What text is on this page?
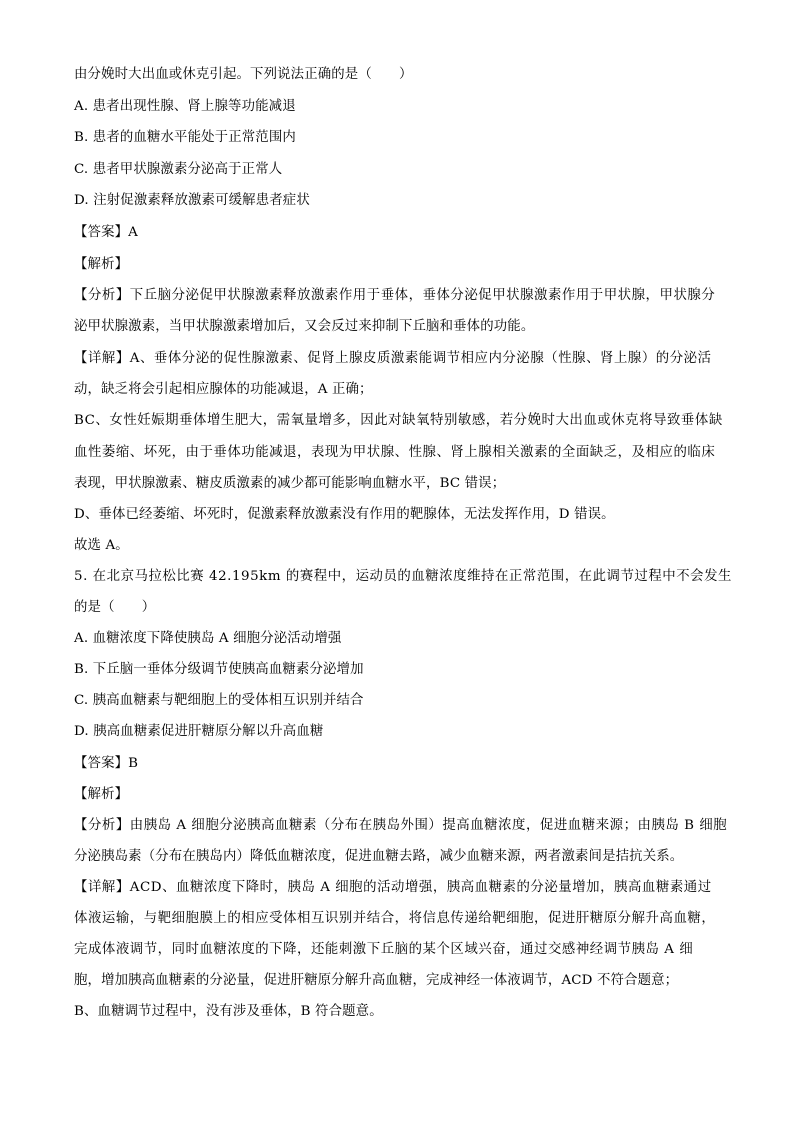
由分娩时大出血或休克引起。下列说法正确的是（　　）
A. 患者出现性腺、肾上腺等功能减退
B. 患者的血糖水平能处于正常范围内
C. 患者甲状腺激素分泌高于正常人
D. 注射促激素释放激素可缓解患者症状
【答案】A
【解析】
【分析】下丘脑分泌促甲状腺激素释放激素作用于垂体，垂体分泌促甲状腺激素作用于甲状腺，甲状腺分
泌甲状腺激素，当甲状腺激素增加后，又会反过来抑制下丘脑和垂体的功能。
【详解】A、垂体分泌的促性腺激素、促肾上腺皮质激素能调节相应内分泌腺（性腺、肾上腺）的分泌活
动，缺乏将会引起相应腺体的功能减退，A 正确；
BC、女性妊娠期垂体增生肥大，需氧量增多，因此对缺氧特别敏感，若分娩时大出血或休克将导致垂体缺
血性萎缩、坏死，由于垂体功能减退，表现为甲状腺、性腺、肾上腺相关激素的全面缺乏，及相应的临床
表现，甲状腺激素、糖皮质激素的减少都可能影响血糖水平，BC 错误；
D、垂体已经萎缩、坏死时，促激素释放激素没有作用的靶腺体，无法发挥作用，D 错误。
故选 A。
5. 在北京马拉松比赛 42.195km 的赛程中，运动员的血糖浓度维持在正常范围，在此调节过程中不会发生
的是（　　）
A. 血糖浓度下降使胰岛 A 细胞分泌活动增强
B. 下丘脑一垂体分级调节使胰高血糖素分泌增加
C. 胰高血糖素与靶细胞上的受体相互识别并结合
D. 胰高血糖素促进肝糖原分解以升高血糖
【答案】B
【解析】
【分析】由胰岛 A 细胞分泌胰高血糖素（分布在胰岛外围）提高血糖浓度，促进血糖来源；由胰岛 B 细胞
分泌胰岛素（分布在胰岛内）降低血糖浓度，促进血糖去路，减少血糖来源，两者激素间是拮抗关系。
【详解】ACD、血糖浓度下降时，胰岛 A 细胞的活动增强，胰高血糖素的分泌量增加，胰高血糖素通过
体液运输，与靶细胞膜上的相应受体相互识别并结合，将信息传递给靶细胞，促进肝糖原分解升高血糖，
完成体液调节，同时血糖浓度的下降，还能刺激下丘脑的某个区域兴奋，通过交感神经调节胰岛 A 细
胞，增加胰高血糖素的分泌量，促进肝糖原分解升高血糖，完成神经一体液调节，ACD 不符合题意；
B、血糖调节过程中，没有涉及垂体，B 符合题意。
